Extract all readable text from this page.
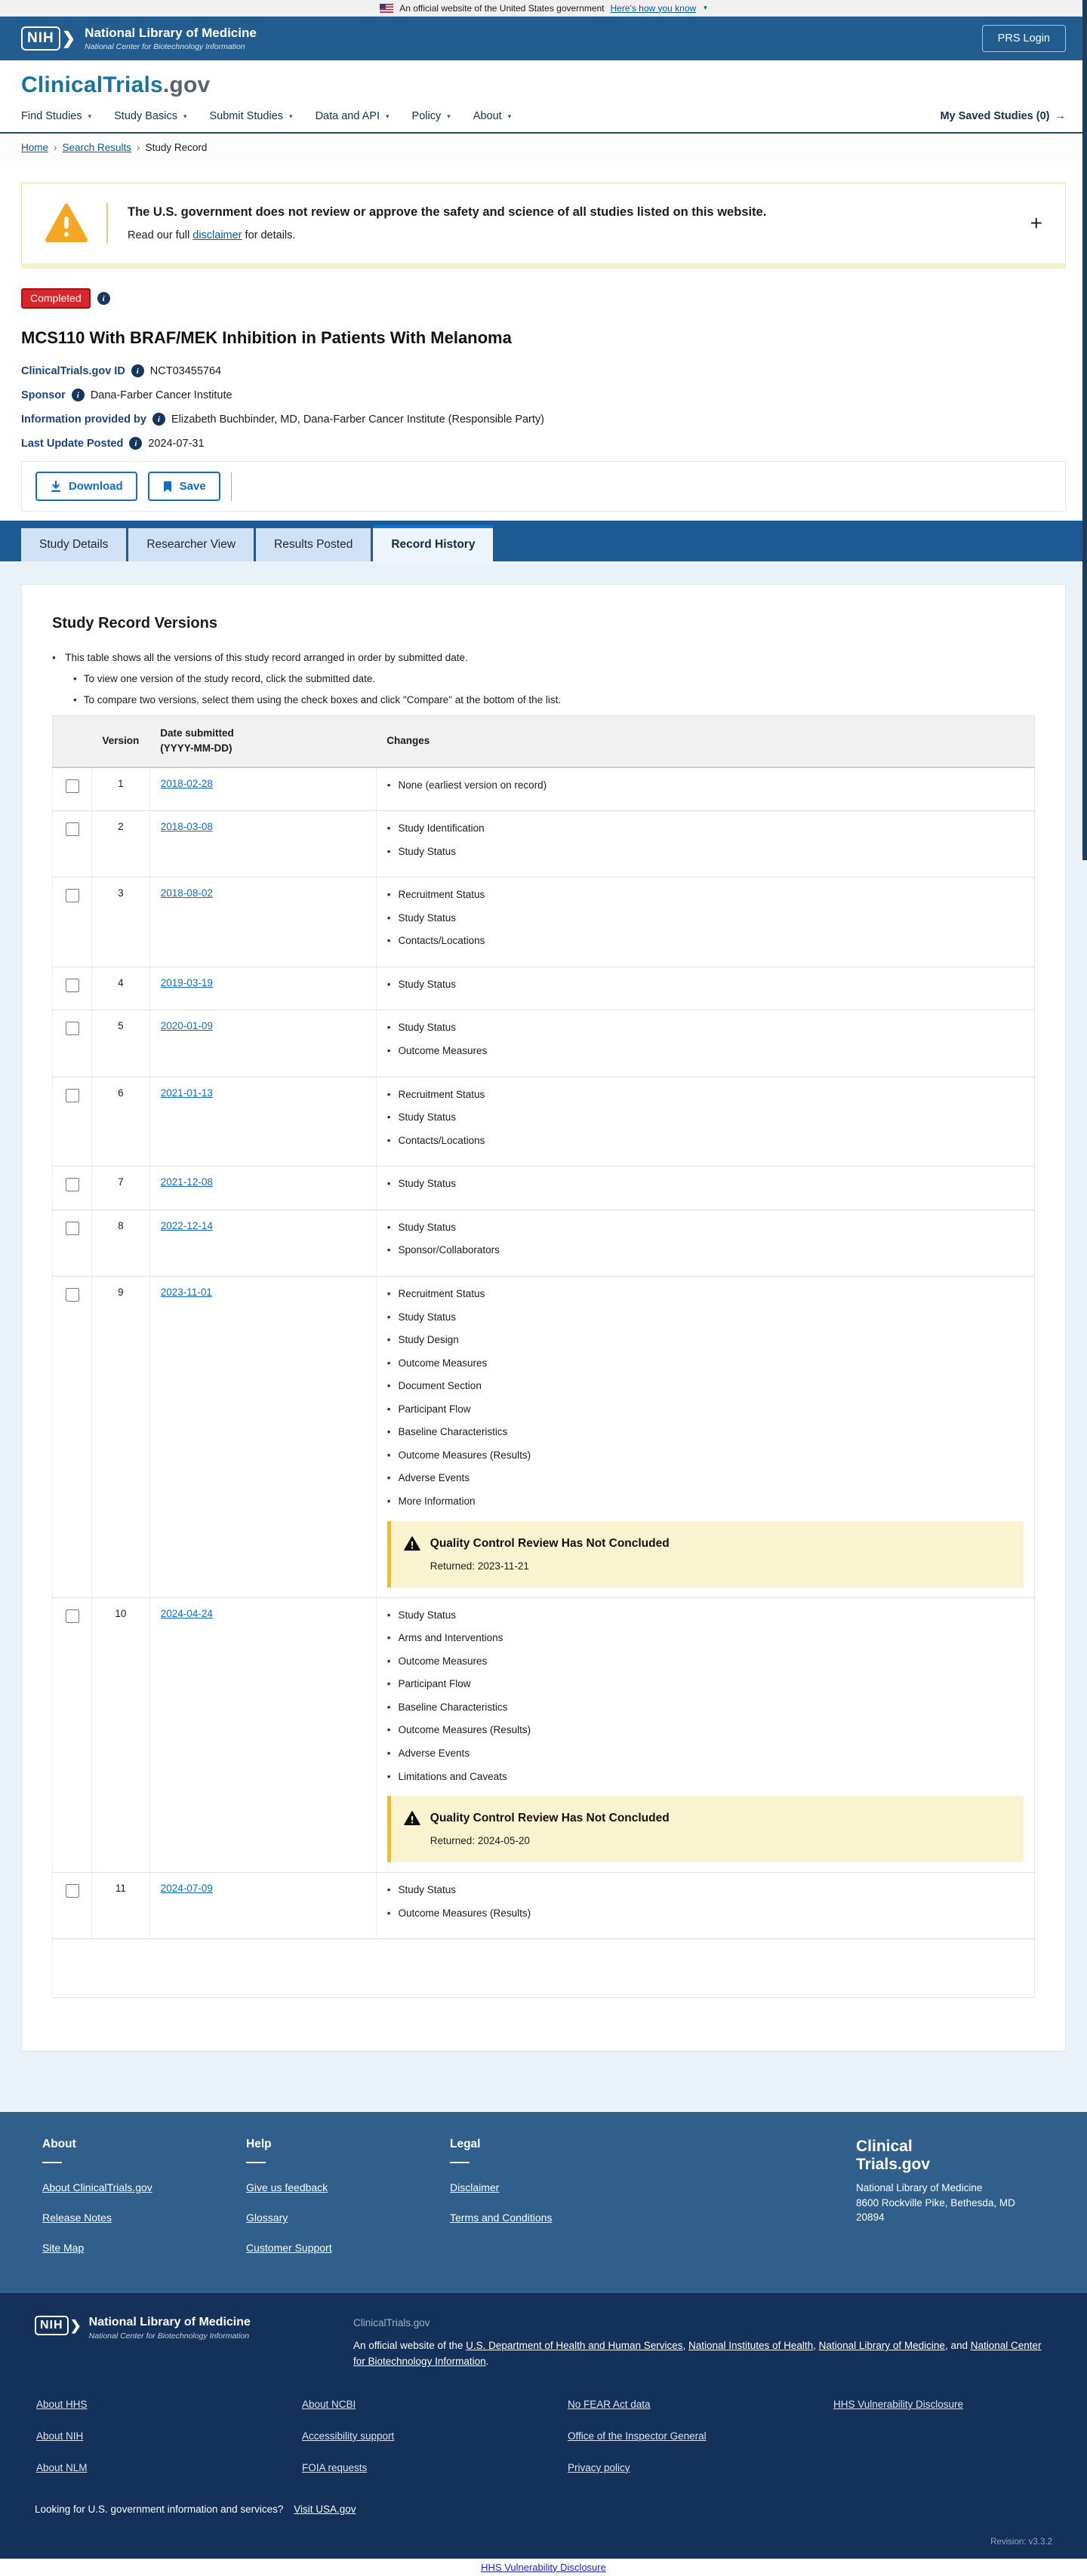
An official website of the United States government Here's how you know ▾
NIH ❯ National Library of Medicine
National Center for Biotechnology Information
PRS Login
ClinicalTrials.gov
Find Studies ▾ Study Basics ▾ Submit Studies ▾ Data and API ▾ Policy ▾ About ▾	My Saved Studies (0) →
Home › Search Results › Study Record
The U.S. government does not review or approve the safety and science of all studies listed on this website.
Read our full disclaimer for details.
+
Completed	i
MCS110 With BRAF/MEK Inhibition in Patients With Melanoma
ClinicalTrials.gov ID	i	NCT03455764
Sponsor	i	Dana-Farber Cancer Institute
Information provided by	i	Elizabeth Buchbinder, MD, Dana-Farber Cancer Institute (Responsible Party)
Last Update Posted	i	2024-07-31
Download	Save
Study Details	Researcher View	Results Posted	Record History
Study Record Versions
• This table shows all the versions of this study record arranged in order by submitted date.
• To view one version of the study record, click the submitted date.
• To compare two versions, select them using the check boxes and click "Compare" at the bottom of the list.
	Version	Date submitted
(YYYY-MM-DD)	Changes
	1	2018-02-28	
•None (earliest version on record)

	2	2018-03-08	
•Study Identification
• Study Status

	3	2018-08-02	
•Recruitment Status
• Study Status
• Contacts/Locations

	4	2019-03-19	
•Study Status

	5	2020-01-09	
•Study Status
• Outcome Measures

	6	2021-01-13	
•Recruitment Status
• Study Status
• Contacts/Locations

	7	2021-12-08	
•Study Status

	8	2022-12-14	
•Study Status
• Sponsor/Collaborators

	9	2023-11-01	
•Recruitment Status
• Study Status
• Study Design
• Outcome Measures
• Document Section
• Participant Flow
• Baseline Characteristics
• Outcome Measures (Results)
• Adverse Events
• More Information
Quality Control Review Has Not Concluded
Returned: 2023-11-21

	10	2024-04-24	
•Study Status
• Arms and Interventions
• Outcome Measures
• Participant Flow
• Baseline Characteristics
• Outcome Measures (Results)
• Adverse Events
• Limitations and Caveats
Quality Control Review Has Not Concluded
Returned: 2024-05-20

	11	2024-07-09	
•Study Status
• Outcome Measures (Results)

About
About ClinicalTrials.gov
Release Notes
Site Map
Help
Give us feedback
Glossary
Customer Support
Legal
Disclaimer
Terms and Conditions
Clinical
Trials.gov
National Library of Medicine
8600 Rockville Pike, Bethesda, MD
20894
NIH ❯ National Library of Medicine
National Center for Biotechnology Information
ClinicalTrials.gov
An official website of the U.S. Department of Health and Human Services, National Institutes of Health, National Library of Medicine, and National Center for Biotechnology Information.
About HHS	About NCBI	No FEAR Act data	HHS Vulnerability Disclosure
About NIH	Accessibility support	Office of the Inspector General
About NLM	FOIA requests	Privacy policy
Looking for U.S. government information and services? Visit USA.gov
Revision: v3.3.2
HHS Vulnerability Disclosure
